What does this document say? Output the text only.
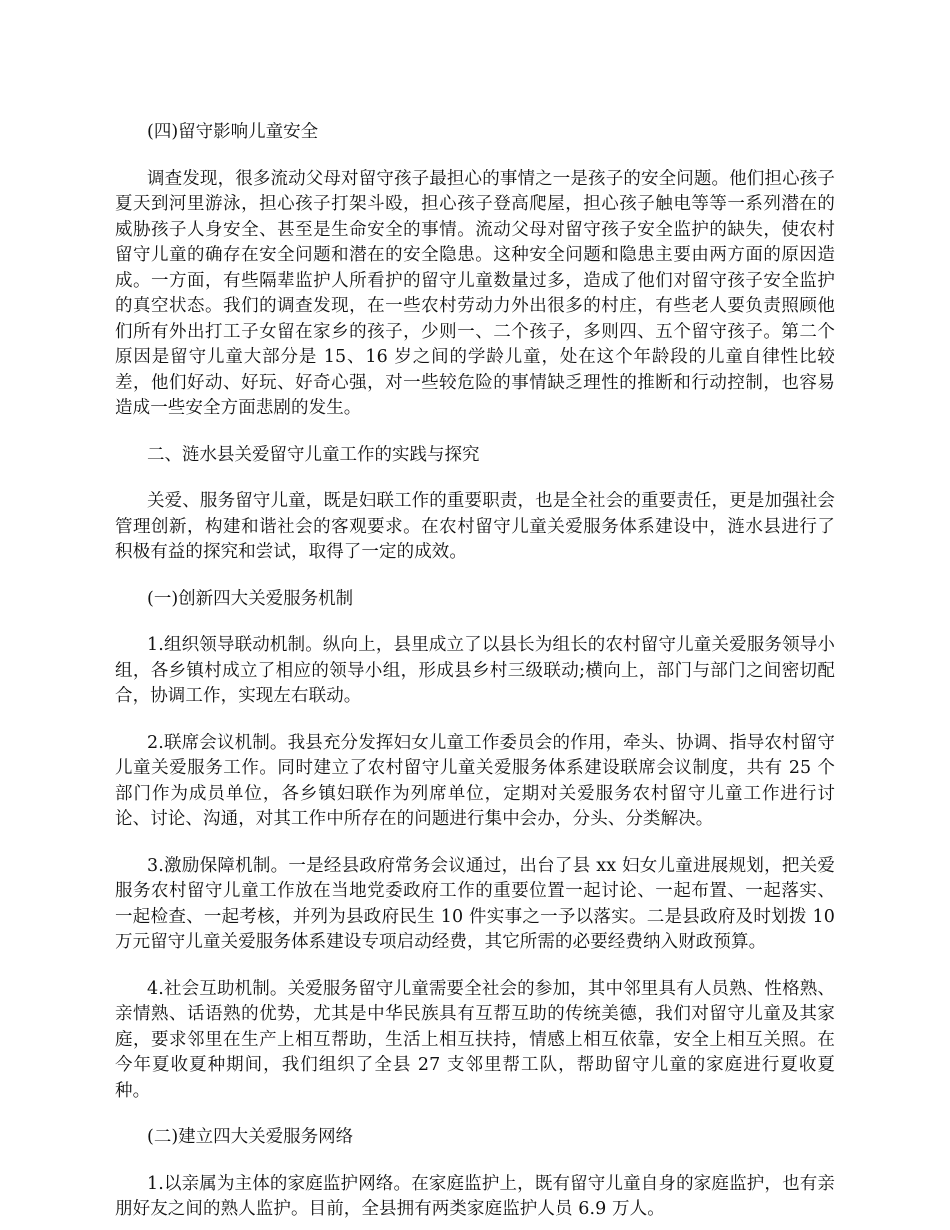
(四)留守影响儿童安全

调查发现，很多流动父母对留守孩子最担心的事情之一是孩子的安全问题。他们担心孩子夏天到河里游泳，担心孩子打架斗殴，担心孩子登高爬屋，担心孩子触电等等一系列潜在的威胁孩子人身安全、甚至是生命安全的事情。流动父母对留守孩子安全监护的缺失，使农村留守儿童的确存在安全问题和潜在的安全隐患。这种安全问题和隐患主要由两方面的原因造成。一方面，有些隔辈监护人所看护的留守儿童数量过多，造成了他们对留守孩子安全监护的真空状态。我们的调查发现，在一些农村劳动力外出很多的村庄，有些老人要负责照顾他们所有外出打工子女留在家乡的孩子，少则一、二个孩子，多则四、五个留守孩子。第二个原因是留守儿童大部分是 15、16 岁之间的学龄儿童，处在这个年龄段的儿童自律性比较差，他们好动、好玩、好奇心强，对一些较危险的事情缺乏理性的推断和行动控制，也容易造成一些安全方面悲剧的发生。

二、涟水县关爱留守儿童工作的实践与探究

关爱、服务留守儿童，既是妇联工作的重要职责，也是全社会的重要责任，更是加强社会管理创新，构建和谐社会的客观要求。在农村留守儿童关爱服务体系建设中，涟水县进行了积极有益的探究和尝试，取得了一定的成效。

(一)创新四大关爱服务机制

1.组织领导联动机制。纵向上，县里成立了以县长为组长的农村留守儿童关爱服务领导小组，各乡镇村成立了相应的领导小组，形成县乡村三级联动;横向上，部门与部门之间密切配合，协调工作，实现左右联动。

2.联席会议机制。我县充分发挥妇女儿童工作委员会的作用，牵头、协调、指导农村留守儿童关爱服务工作。同时建立了农村留守儿童关爱服务体系建设联席会议制度，共有 25 个部门作为成员单位，各乡镇妇联作为列席单位，定期对关爱服务农村留守儿童工作进行讨论、讨论、沟通，对其工作中所存在的问题进行集中会办，分头、分类解决。

3.激励保障机制。一是经县政府常务会议通过，出台了县 xx 妇女儿童进展规划，把关爱服务农村留守儿童工作放在当地党委政府工作的重要位置一起讨论、一起布置、一起落实、一起检查、一起考核，并列为县政府民生 10 件实事之一予以落实。二是县政府及时划拨 10 万元留守儿童关爱服务体系建设专项启动经费，其它所需的必要经费纳入财政预算。

4.社会互助机制。关爱服务留守儿童需要全社会的参加，其中邻里具有人员熟、性格熟、亲情熟、话语熟的优势，尤其是中华民族具有互帮互助的传统美德，我们对留守儿童及其家庭，要求邻里在生产上相互帮助，生活上相互扶持，情感上相互依靠，安全上相互关照。在今年夏收夏种期间，我们组织了全县 27 支邻里帮工队，帮助留守儿童的家庭进行夏收夏种。

(二)建立四大关爱服务网络

1.以亲属为主体的家庭监护网络。在家庭监护上，既有留守儿童自身的家庭监护，也有亲朋好友之间的熟人监护。目前，全县拥有两类家庭监护人员 6.9 万人。
